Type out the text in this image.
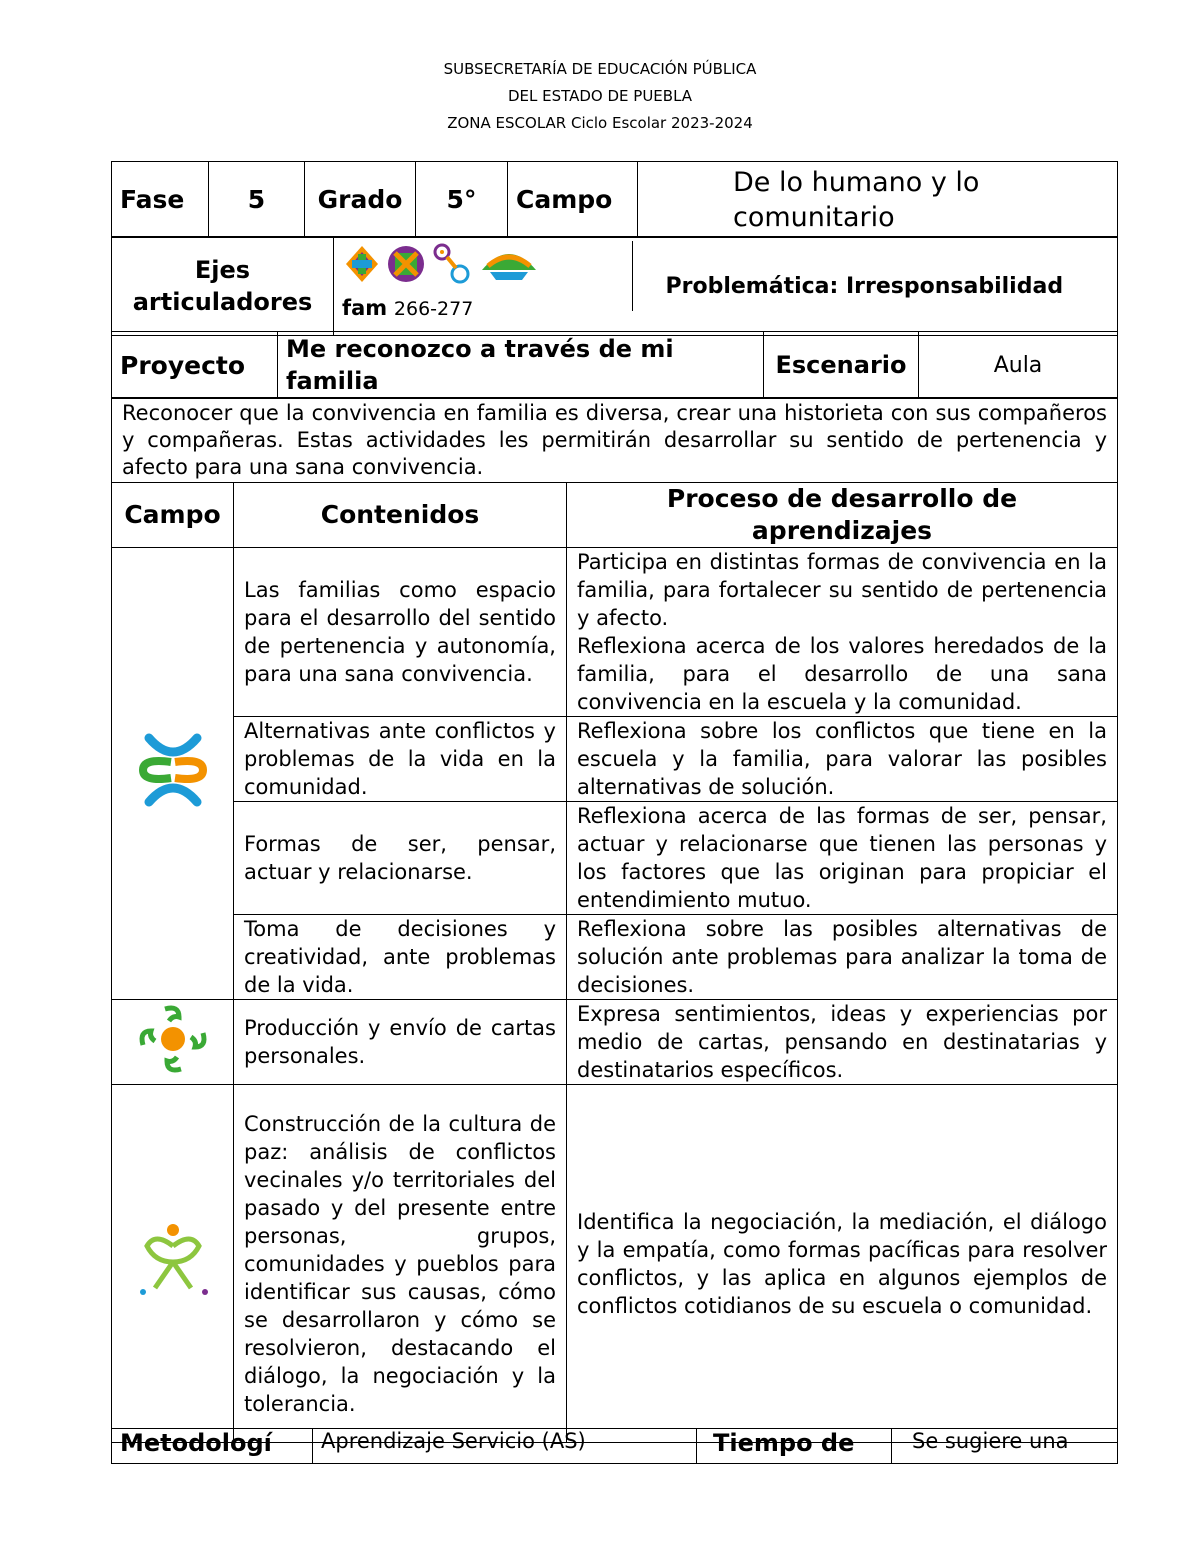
SUBSECRETARÍA DE EDUCACIÓN PÚBLICA
DEL ESTADO DE PUEBLA
ZONA ESCOLAR Ciclo Escolar 2023-2024
Fase	5	Grado	5°	Campo	De lo humano y lo comunitario
Ejes articuladores	fam 266-277
	Problemática: Irresponsabilidad
Proyecto	Me reconozco a través de mi familia	Escenario	Aula
Reconocer que la convivencia en familia es diversa, crear una historieta con sus compañeros y compañeras. Estas actividades les permitirán desarrollar su sentido de pertenencia y afecto para una sana convivencia.		
Campo	Contenidos	Proceso de desarrollo de aprendizajes
	Las familias como espacio para el desarrollo del sentido de pertenencia y autonomía, para una sana convivencia.	Participa en distintas formas de convivencia en la familia, para fortalecer su sentido de pertenencia y afecto.
Reflexiona acerca de los valores heredados de la familia, para el desarrollo de una sana convivencia en la escuela y la comunidad.
	Alternativas ante conflictos y problemas de la vida en la comunidad.	Reflexiona sobre los conflictos que tiene en la escuela y la familia, para valorar las posibles alternativas de solución.
	Formas de ser, pensar, actuar y relacionarse.	Reflexiona acerca de las formas de ser, pensar, actuar y relacionarse que tienen las personas y los factores que las originan para propiciar el entendimiento mutuo.
	Toma de decisiones y creatividad, ante problemas de la vida.	Reflexiona sobre las posibles alternativas de solución ante problemas para analizar la toma de decisiones.
	Producción y envío de cartas personales.	Expresa sentimientos, ideas y experiencias por medio de cartas, pensando en destinatarias y destinatarios específicos.
	Construcción de la cultura de paz: análisis de conflictos vecinales y/o territoriales del pasado y del presente entre personas, grupos, comunidades y pueblos para identificar sus causas, cómo se desarrollaron y cómo se resolvieron, destacando el diálogo, la negociación y la tolerancia.	Identifica la negociación, la mediación, el diálogo y la empatía, como formas pacíficas para resolver conflictos, y las aplica en algunos ejemplos de conflictos cotidianos de su escuela o comunidad.
Metodologí	Aprendizaje Servicio (AS)	Tiempo de	Se sugiere una
